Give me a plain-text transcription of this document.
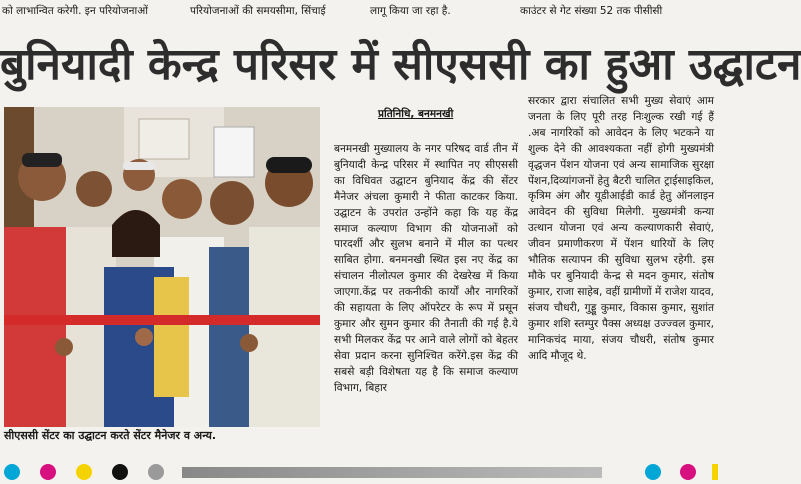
को लाभान्वित करेगी. इन परियोजनाओं	परियोजनाओं की समयसीमा, सिंचाई	लागू किया जा रहा है.	काउंटर से गेट संख्या 52 तक पीसीसी
बुनियादी केन्द्र परिसर में सीएससी का हुआ उद्घाटन
सीएससी सेंटर का उद्घाटन करते सेंटर मैनेजर व अन्य.
प्रतिनिधि, बनमनखी
बनमनखी मुख्यालय के नगर परिषद वार्ड तीन में बुनियादी केन्द्र परिसर में स्थापित नए सीएससी का विधिवत उद्घाटन बुनियाद केंद्र की सेंटर मैनेजर अंचला कुमारी ने फीता काटकर किया. उद्घाटन के उपरांत उन्होंने कहा कि यह केंद्र समाज कल्याण विभाग की योजनाओं को पारदर्शी और सुलभ बनाने में मील का पत्थर साबित होगा. बनमनखी स्थित इस नए केंद्र का संचालन नीलोत्पल कुमार की देखरेख में किया जाएगा.केंद्र पर तकनीकी कार्यों और नागरिकों की सहायता के लिए ऑपरेटर के रूप में प्रसून कुमार और सुमन कुमार की तैनाती की गई है.ये सभी मिलकर केंद्र पर आने वाले लोगों को बेहतर सेवा प्रदान करना सुनिश्चित करेंगे.इस केंद्र की सबसे बड़ी विशेषता यह है कि समाज कल्याण विभाग, बिहार
सरकार द्वारा संचालित सभी मुख्य सेवाएं आम जनता के लिए पूरी तरह निःशुल्क रखी गई हैं .अब नागरिकों को आवेदन के लिए भटकने या शुल्क देने की आवश्यकता नहीं होगी मुख्यमंत्री वृद्धजन पेंशन योजना एवं अन्य सामाजिक सुरक्षा पेंशन,दिव्यांगजनों हेतु बैटरी चालित ट्राईसाइकिल, कृत्रिम अंग और यूडीआईडी कार्ड हेतु ऑनलाइन आवेदन की सुविधा मिलेगी. मुख्यमंत्री कन्या उत्थान योजना एवं अन्य कल्याणकारी सेवाएं, जीवन प्रमाणीकरण में पेंशन धारियों के लिए भौतिक सत्यापन की सुविधा सुलभ रहेगी. इस मौके पर बुनियादी केन्द्र से मदन कुमार, संतोष कुमार, राजा साहेब, वहीं ग्रामीणों में राजेश यादव, संजय चौधरी, गुड्डू कुमार, विकास कुमार, सुशांत कुमार शशि स्तम्पुर पैक्स अध्यक्ष उज्ज्वल कुमार, मानिकचंद माया, संजय चौधरी, संतोष कुमार आदि मौजूद थे.
